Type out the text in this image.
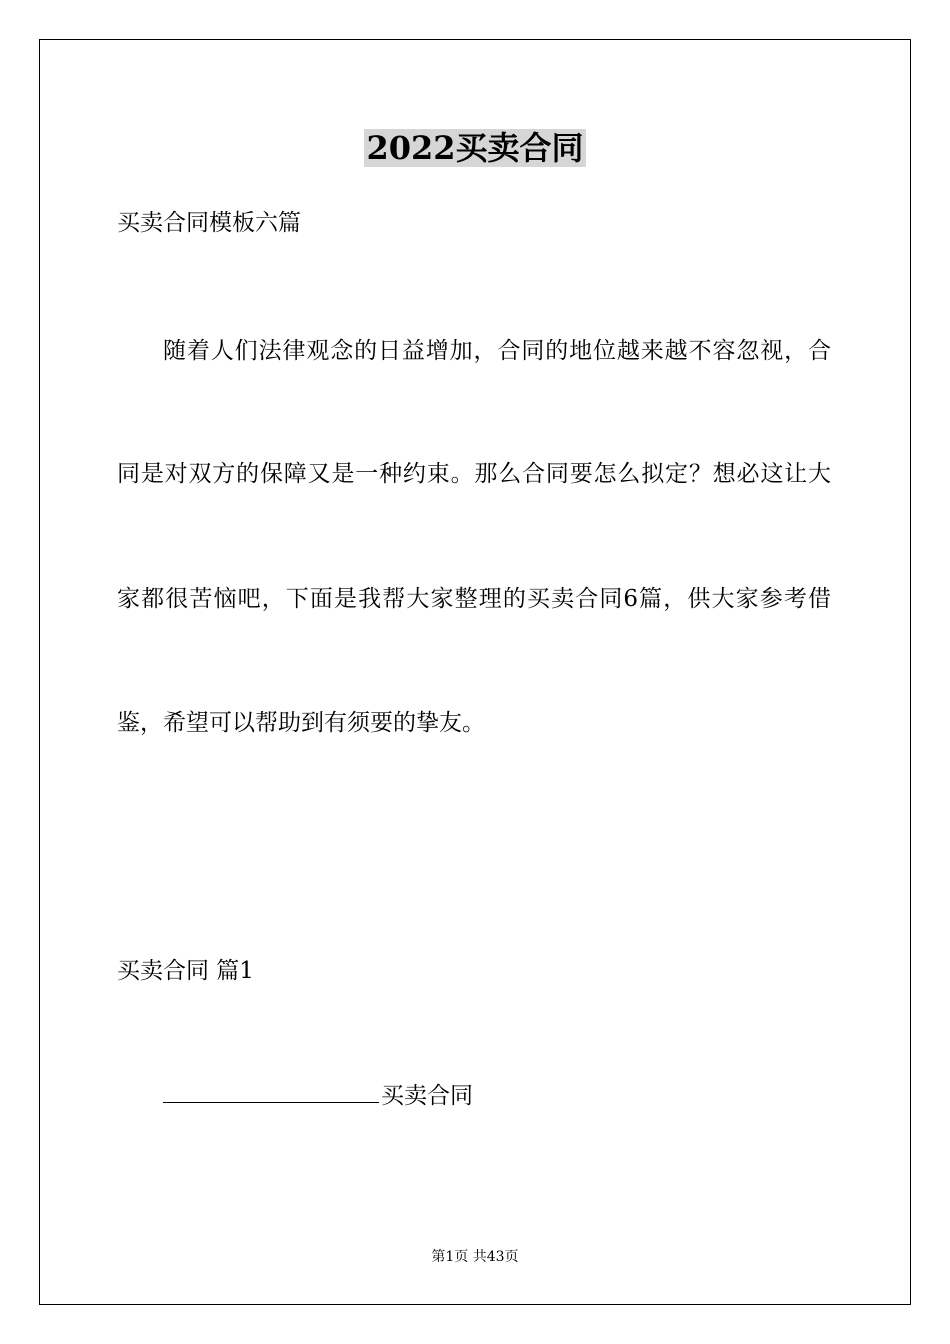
2022买卖合同
买卖合同模板六篇
随着人们法律观念的日益增加，合同的地位越来越不容忽视，合
同是对双方的保障又是一种约束。那么合同要怎么拟定？想必这让大
家都很苦恼吧，下面是我帮大家整理的买卖合同6篇，供大家参考借
鉴，希望可以帮助到有须要的挚友。
买卖合同 篇1
买卖合同
第1页 共43页
